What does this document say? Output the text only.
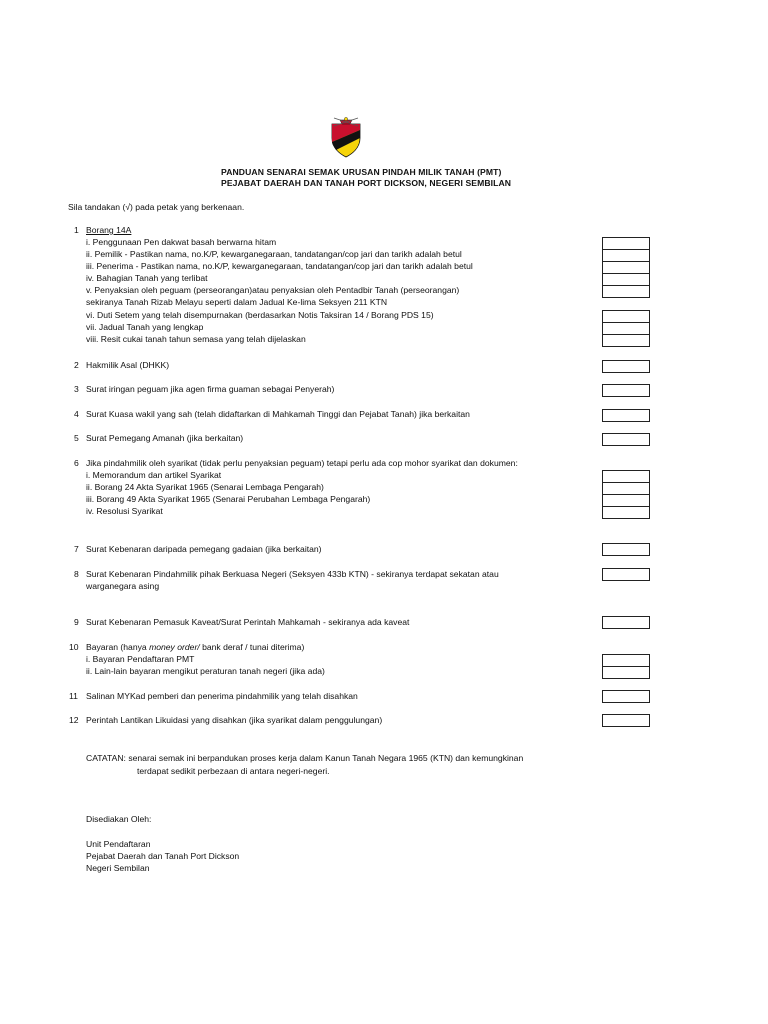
PANDUAN SENARAI SEMAK URUSAN PINDAH MILIK TANAH (PMT)
PEJABAT DAERAH DAN TANAH PORT DICKSON, NEGERI SEMBILAN
Sila tandakan (√) pada petak yang berkenaan.
1 Borang 14A
i. Penggunaan Pen dakwat basah berwarna hitam
ii. Pemilik - Pastikan nama, no.K/P, kewarganegaraan, tandatangan/cop jari dan tarikh adalah betul
iii. Penerima - Pastikan nama, no.K/P, kewarganegaraan, tandatangan/cop jari dan tarikh adalah betul
iv. Bahagian Tanah yang terlibat
v. Penyaksian oleh peguam (perseorangan)atau penyaksian oleh Pentadbir Tanah (perseorangan)
sekiranya Tanah Rizab Melayu seperti dalam Jadual Ke-lima Seksyen 211 KTN
vi. Duti Setem yang telah disempurnakan (berdasarkan Notis Taksiran 14 / Borang PDS 15)
vii. Jadual Tanah yang lengkap
viii. Resit cukai tanah tahun semasa yang telah dijelaskan
2 Hakmilik Asal (DHKK)
3 Surat iringan peguam jika agen firma guaman sebagai Penyerah)
4 Surat Kuasa wakil yang sah (telah didaftarkan di Mahkamah Tinggi dan Pejabat Tanah) jika berkaitan
5 Surat Pemegang Amanah (jika berkaitan)
6 Jika pindahmilik oleh syarikat (tidak perlu penyaksian peguam) tetapi perlu ada cop mohor syarikat dan dokumen:
i. Memorandum dan artikel Syarikat
ii. Borang 24 Akta Syarikat 1965 (Senarai Lembaga Pengarah)
iii. Borang 49 Akta Syarikat 1965 (Senarai Perubahan Lembaga Pengarah)
iv. Resolusi Syarikat
7 Surat Kebenaran daripada pemegang gadaian (jika berkaitan)
8 Surat Kebenaran Pindahmilik pihak Berkuasa Negeri (Seksyen 433b KTN) - sekiranya terdapat sekatan atau
warganegara asing
9 Surat Kebenaran Pemasuk Kaveat/Surat Perintah Mahkamah - sekiranya ada kaveat
10 Bayaran (hanya money order/ bank deraf / tunai diterima)
i. Bayaran Pendaftaran PMT
ii. Lain-lain bayaran mengikut peraturan tanah negeri (jika ada)
11 Salinan MYKad pemberi dan penerima pindahmilik yang telah disahkan
12 Perintah Lantikan Likuidasi yang disahkan (jika syarikat dalam penggulungan)
CATATAN: senarai semak ini berpandukan proses kerja dalam Kanun Tanah Negara 1965 (KTN) dan kemungkinan
terdapat sedikit perbezaan di antara negeri-negeri.
Disediakan Oleh:
Unit Pendaftaran
Pejabat Daerah dan Tanah Port Dickson
Negeri Sembilan
